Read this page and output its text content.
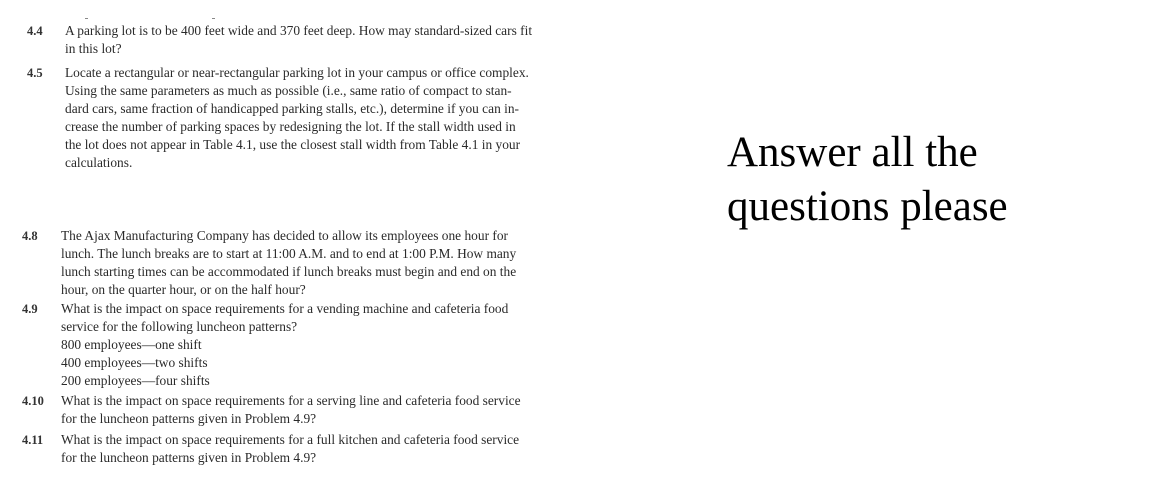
4.4 A parking lot is to be 400 feet wide and 370 feet deep. How may standard-sized cars fit
in this lot?
4.5 Locate a rectangular or near-rectangular parking lot in your campus or office complex.
Using the same parameters as much as possible (i.e., same ratio of compact to stan-
dard cars, same fraction of handicapped parking stalls, etc.), determine if you can in-
crease the number of parking spaces by redesigning the lot. If the stall width used in
the lot does not appear in Table 4.1, use the closest stall width from Table 4.1 in your
calculations.
4.8 The Ajax Manufacturing Company has decided to allow its employees one hour for
lunch. The lunch breaks are to start at 11:00 A.M. and to end at 1:00 P.M. How many
lunch starting times can be accommodated if lunch breaks must begin and end on the
hour, on the quarter hour, or on the half hour?
4.9 What is the impact on space requirements for a vending machine and cafeteria food
service for the following luncheon patterns?
800 employees—one shift
400 employees—two shifts
200 employees—four shifts
4.10 What is the impact on space requirements for a serving line and cafeteria food service
for the luncheon patterns given in Problem 4.9?
4.11 What is the impact on space requirements for a full kitchen and cafeteria food service
for the luncheon patterns given in Problem 4.9?
Answer all the
questions please
